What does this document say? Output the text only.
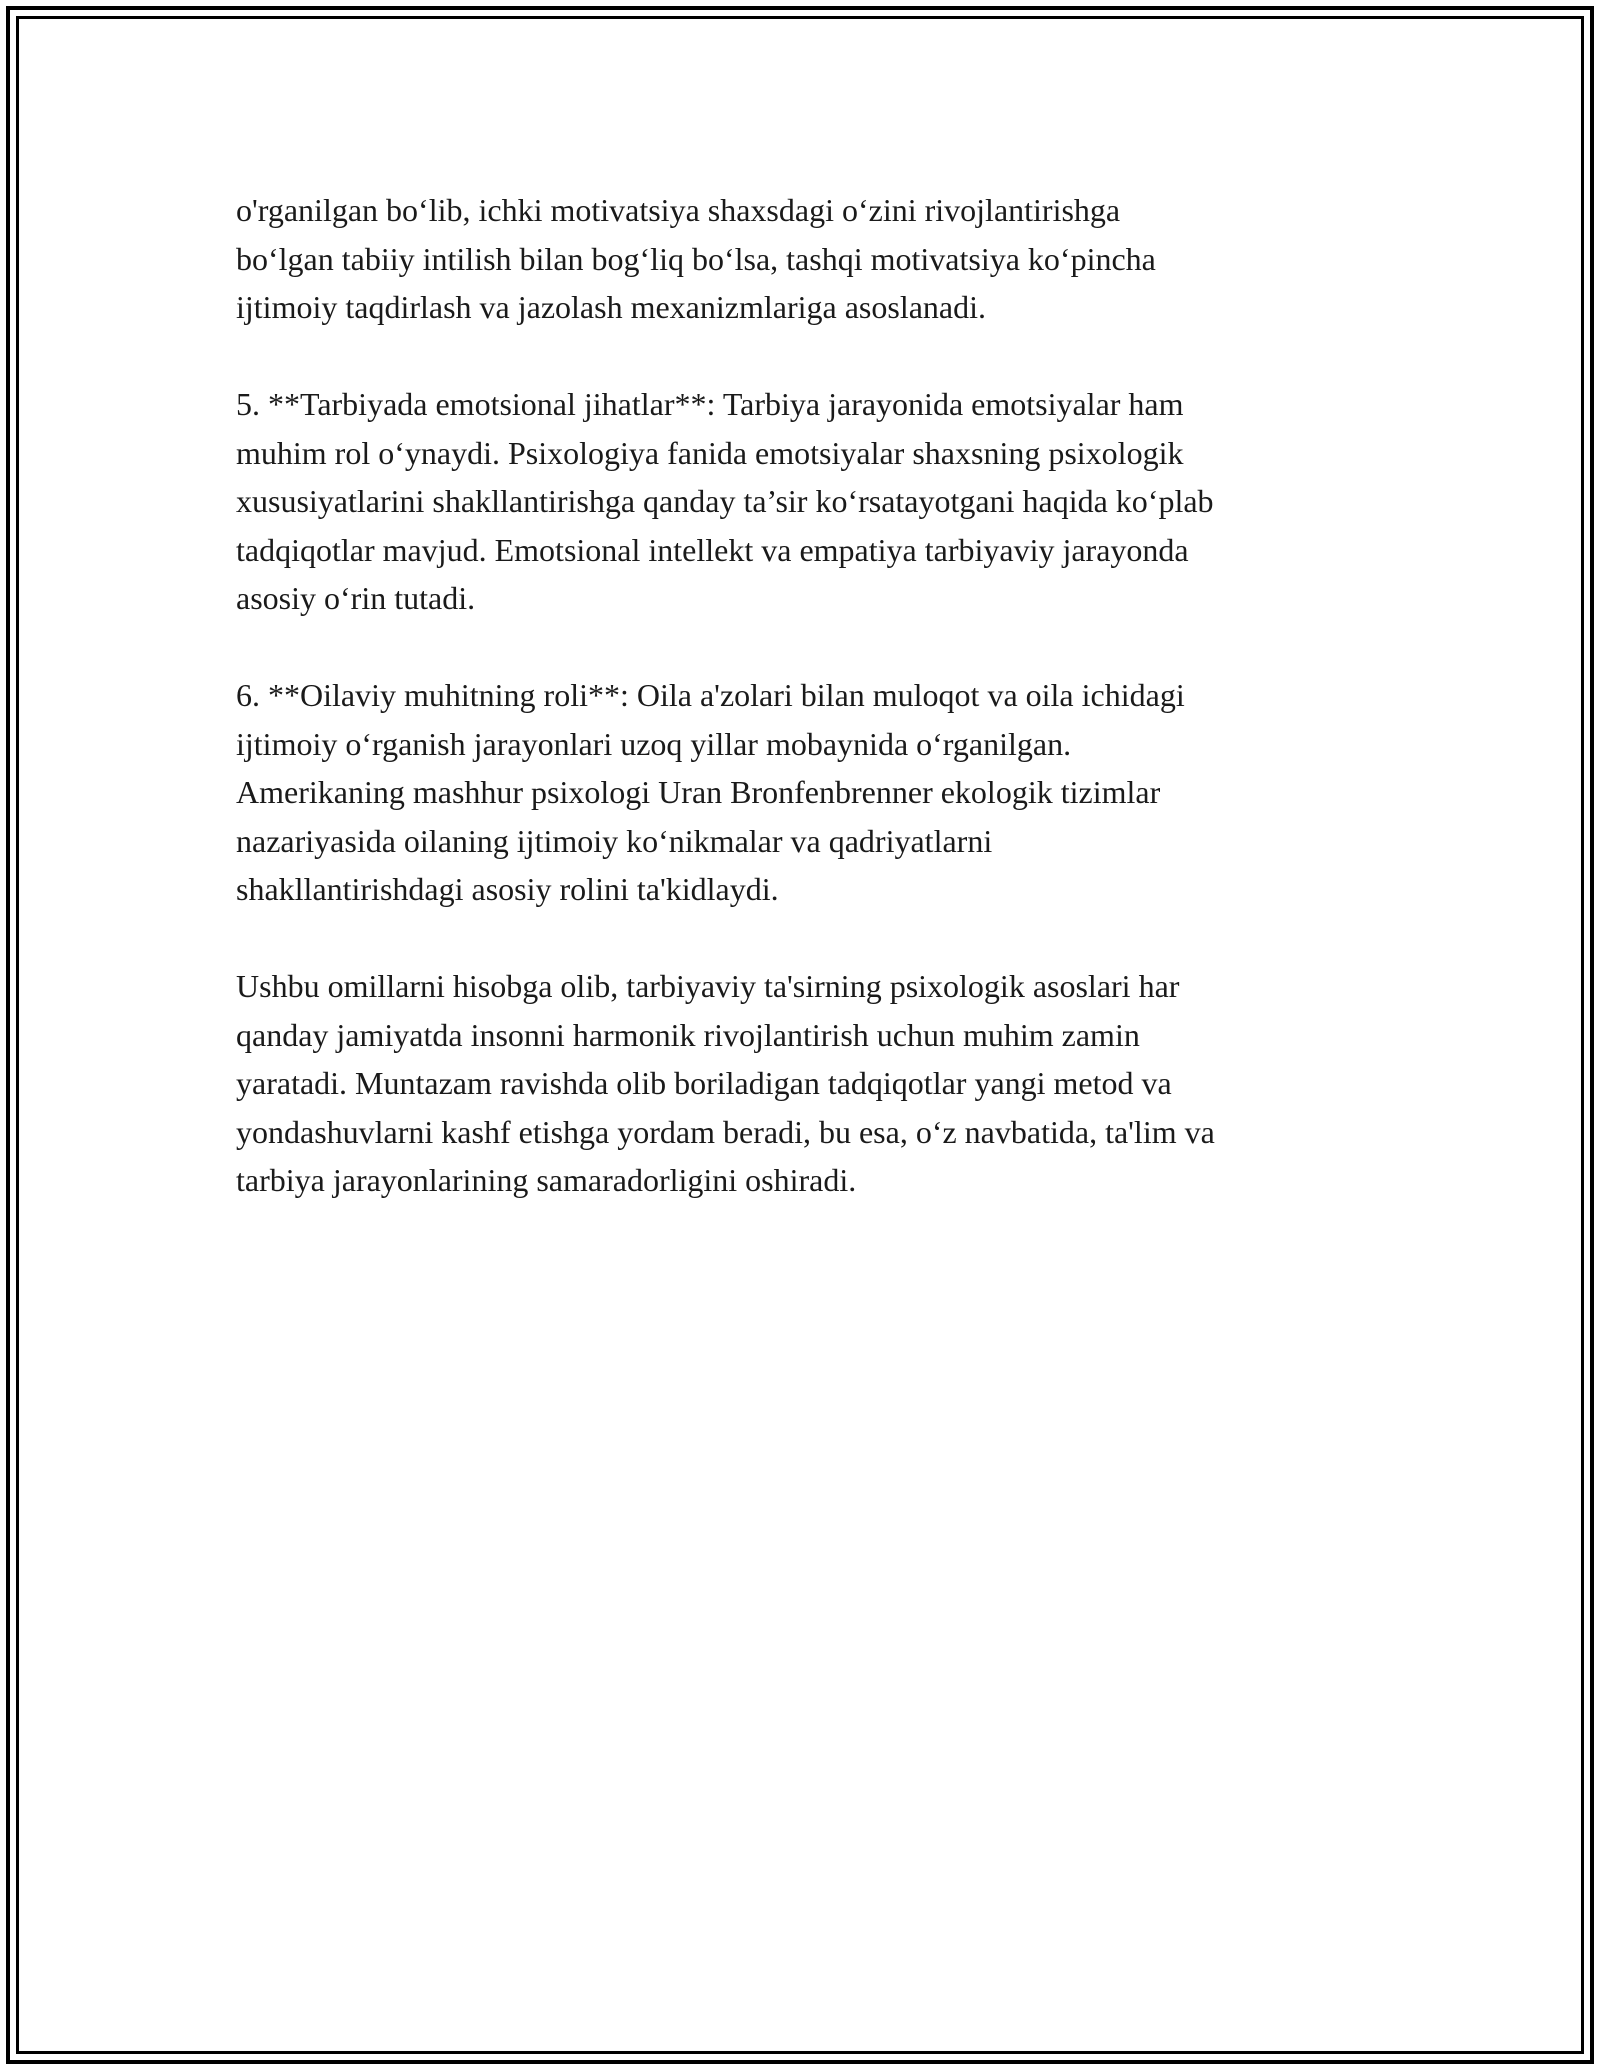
o'rganilgan bo‘lib, ichki motivatsiya shaxsdagi o‘zini rivojlantirishga
bo‘lgan tabiiy intilish bilan bog‘liq bo‘lsa, tashqi motivatsiya ko‘pincha
ijtimoiy taqdirlash va jazolash mexanizmlariga asoslanadi.

5. **Tarbiyada emotsional jihatlar**: Tarbiya jarayonida emotsiyalar ham
muhim rol o‘ynaydi. Psixologiya fanida emotsiyalar shaxsning psixologik
xususiyatlarini shakllantirishga qanday ta’sir ko‘rsatayotgani haqida ko‘plab
tadqiqotlar mavjud. Emotsional intellekt va empatiya tarbiyaviy jarayonda
asosiy o‘rin tutadi.

6. **Oilaviy muhitning roli**: Oila a'zolari bilan muloqot va oila ichidagi
ijtimoiy o‘rganish jarayonlari uzoq yillar mobaynida o‘rganilgan.
Amerikaning mashhur psixologi Uran Bronfenbrenner ekologik tizimlar
nazariyasida oilaning ijtimoiy ko‘nikmalar va qadriyatlarni
shakllantirishdagi asosiy rolini ta'kidlaydi.

Ushbu omillarni hisobga olib, tarbiyaviy ta'sirning psixologik asoslari har
qanday jamiyatda insonni harmonik rivojlantirish uchun muhim zamin
yaratadi. Muntazam ravishda olib boriladigan tadqiqotlar yangi metod va
yondashuvlarni kashf etishga yordam beradi, bu esa, o‘z navbatida, ta'lim va
tarbiya jarayonlarining samaradorligini oshiradi.
